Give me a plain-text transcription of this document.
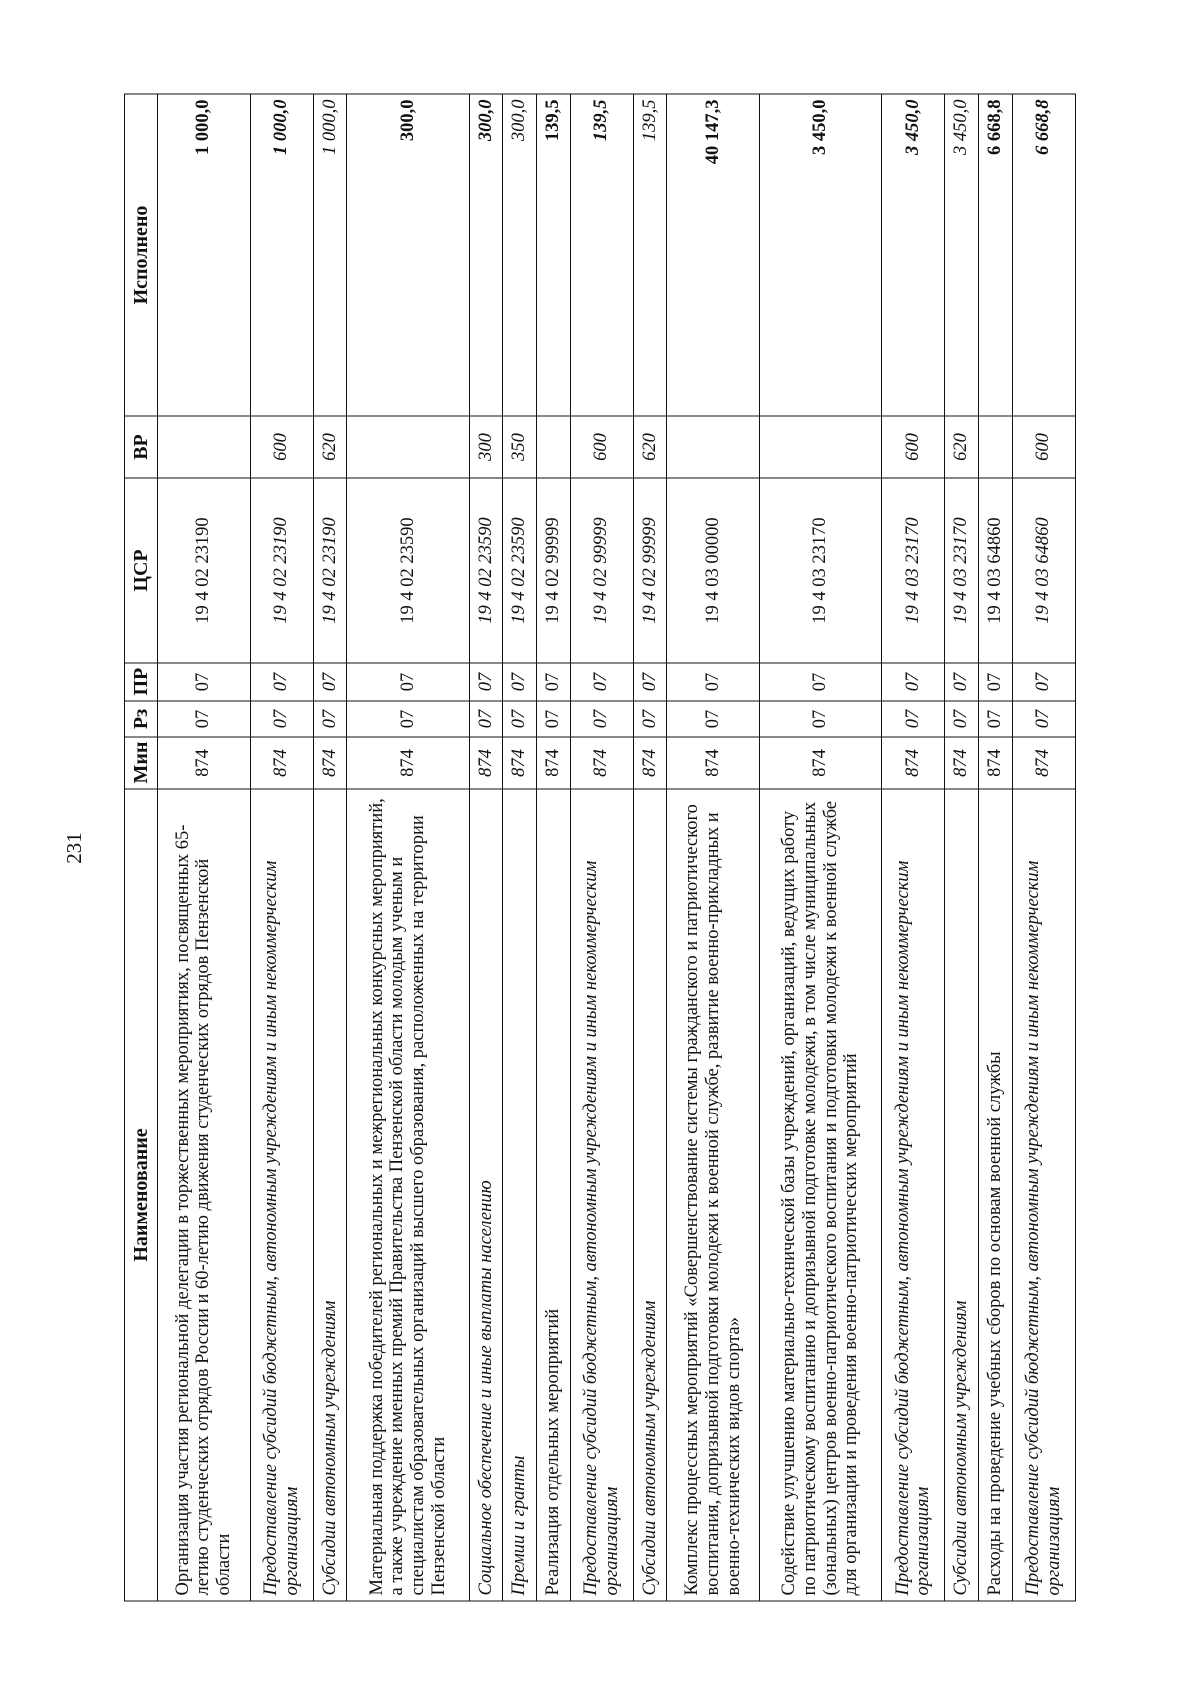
231
Наименование	Мин	Рз	ПР	ЦСР	ВР	Исполнено
Организация участия региональной делегации в торжественных мероприятиях, посвященных 65-летию студенческих отрядов России и 60-летию движения студенческих отрядов Пензенской области	874	07	07	19 4 02 23190		1 000,0
Предоставление субсидий бюджетным, автономным учреждениям и иным некоммерческим организациям	874	07	07	19 4 02 23190	600	1 000,0
Субсидии автономным учреждениям	874	07	07	19 4 02 23190	620	1 000,0
Материальная поддержка победителей региональных и межрегиональных конкурсных мероприятий, а также учреждение именных премий Правительства Пензенской области молодым ученым и специалистам образовательных организаций высшего образования, расположенных на территории Пензенской области	874	07	07	19 4 02 23590		300,0
Социальное обеспечение и иные выплаты населению	874	07	07	19 4 02 23590	300	300,0
Премии и гранты	874	07	07	19 4 02 23590	350	300,0
Реализация отдельных мероприятий	874	07	07	19 4 02 99999		139,5
Предоставление субсидий бюджетным, автономным учреждениям и иным некоммерческим организациям	874	07	07	19 4 02 99999	600	139,5
Субсидии автономным учреждениям	874	07	07	19 4 02 99999	620	139,5
Комплекс процессных мероприятий «Совершенствование системы гражданского и патриотического воспитания, допризывной подготовки молодежи к военной службе, развитие военно-прикладных и военно-технических видов спорта»	874	07	07	19 4 03 00000		40 147,3
Содействие улучшению материально-технической базы учреждений, организаций, ведущих работу по патриотическому воспитанию и допризывной подготовке молодежи, в том числе муниципальных (зональных) центров военно-патриотического воспитания и подготовки молодежи к военной службе для организации и проведения военно-патриотических мероприятий	874	07	07	19 4 03 23170		3 450,0
Предоставление субсидий бюджетным, автономным учреждениям и иным некоммерческим организациям	874	07	07	19 4 03 23170	600	3 450,0
Субсидии автономным учреждениям	874	07	07	19 4 03 23170	620	3 450,0
Расходы на проведение учебных сборов по основам военной службы	874	07	07	19 4 03 64860		6 668,8
Предоставление субсидий бюджетным, автономным учреждениям и иным некоммерческим организациям	874	07	07	19 4 03 64860	600	6 668,8
